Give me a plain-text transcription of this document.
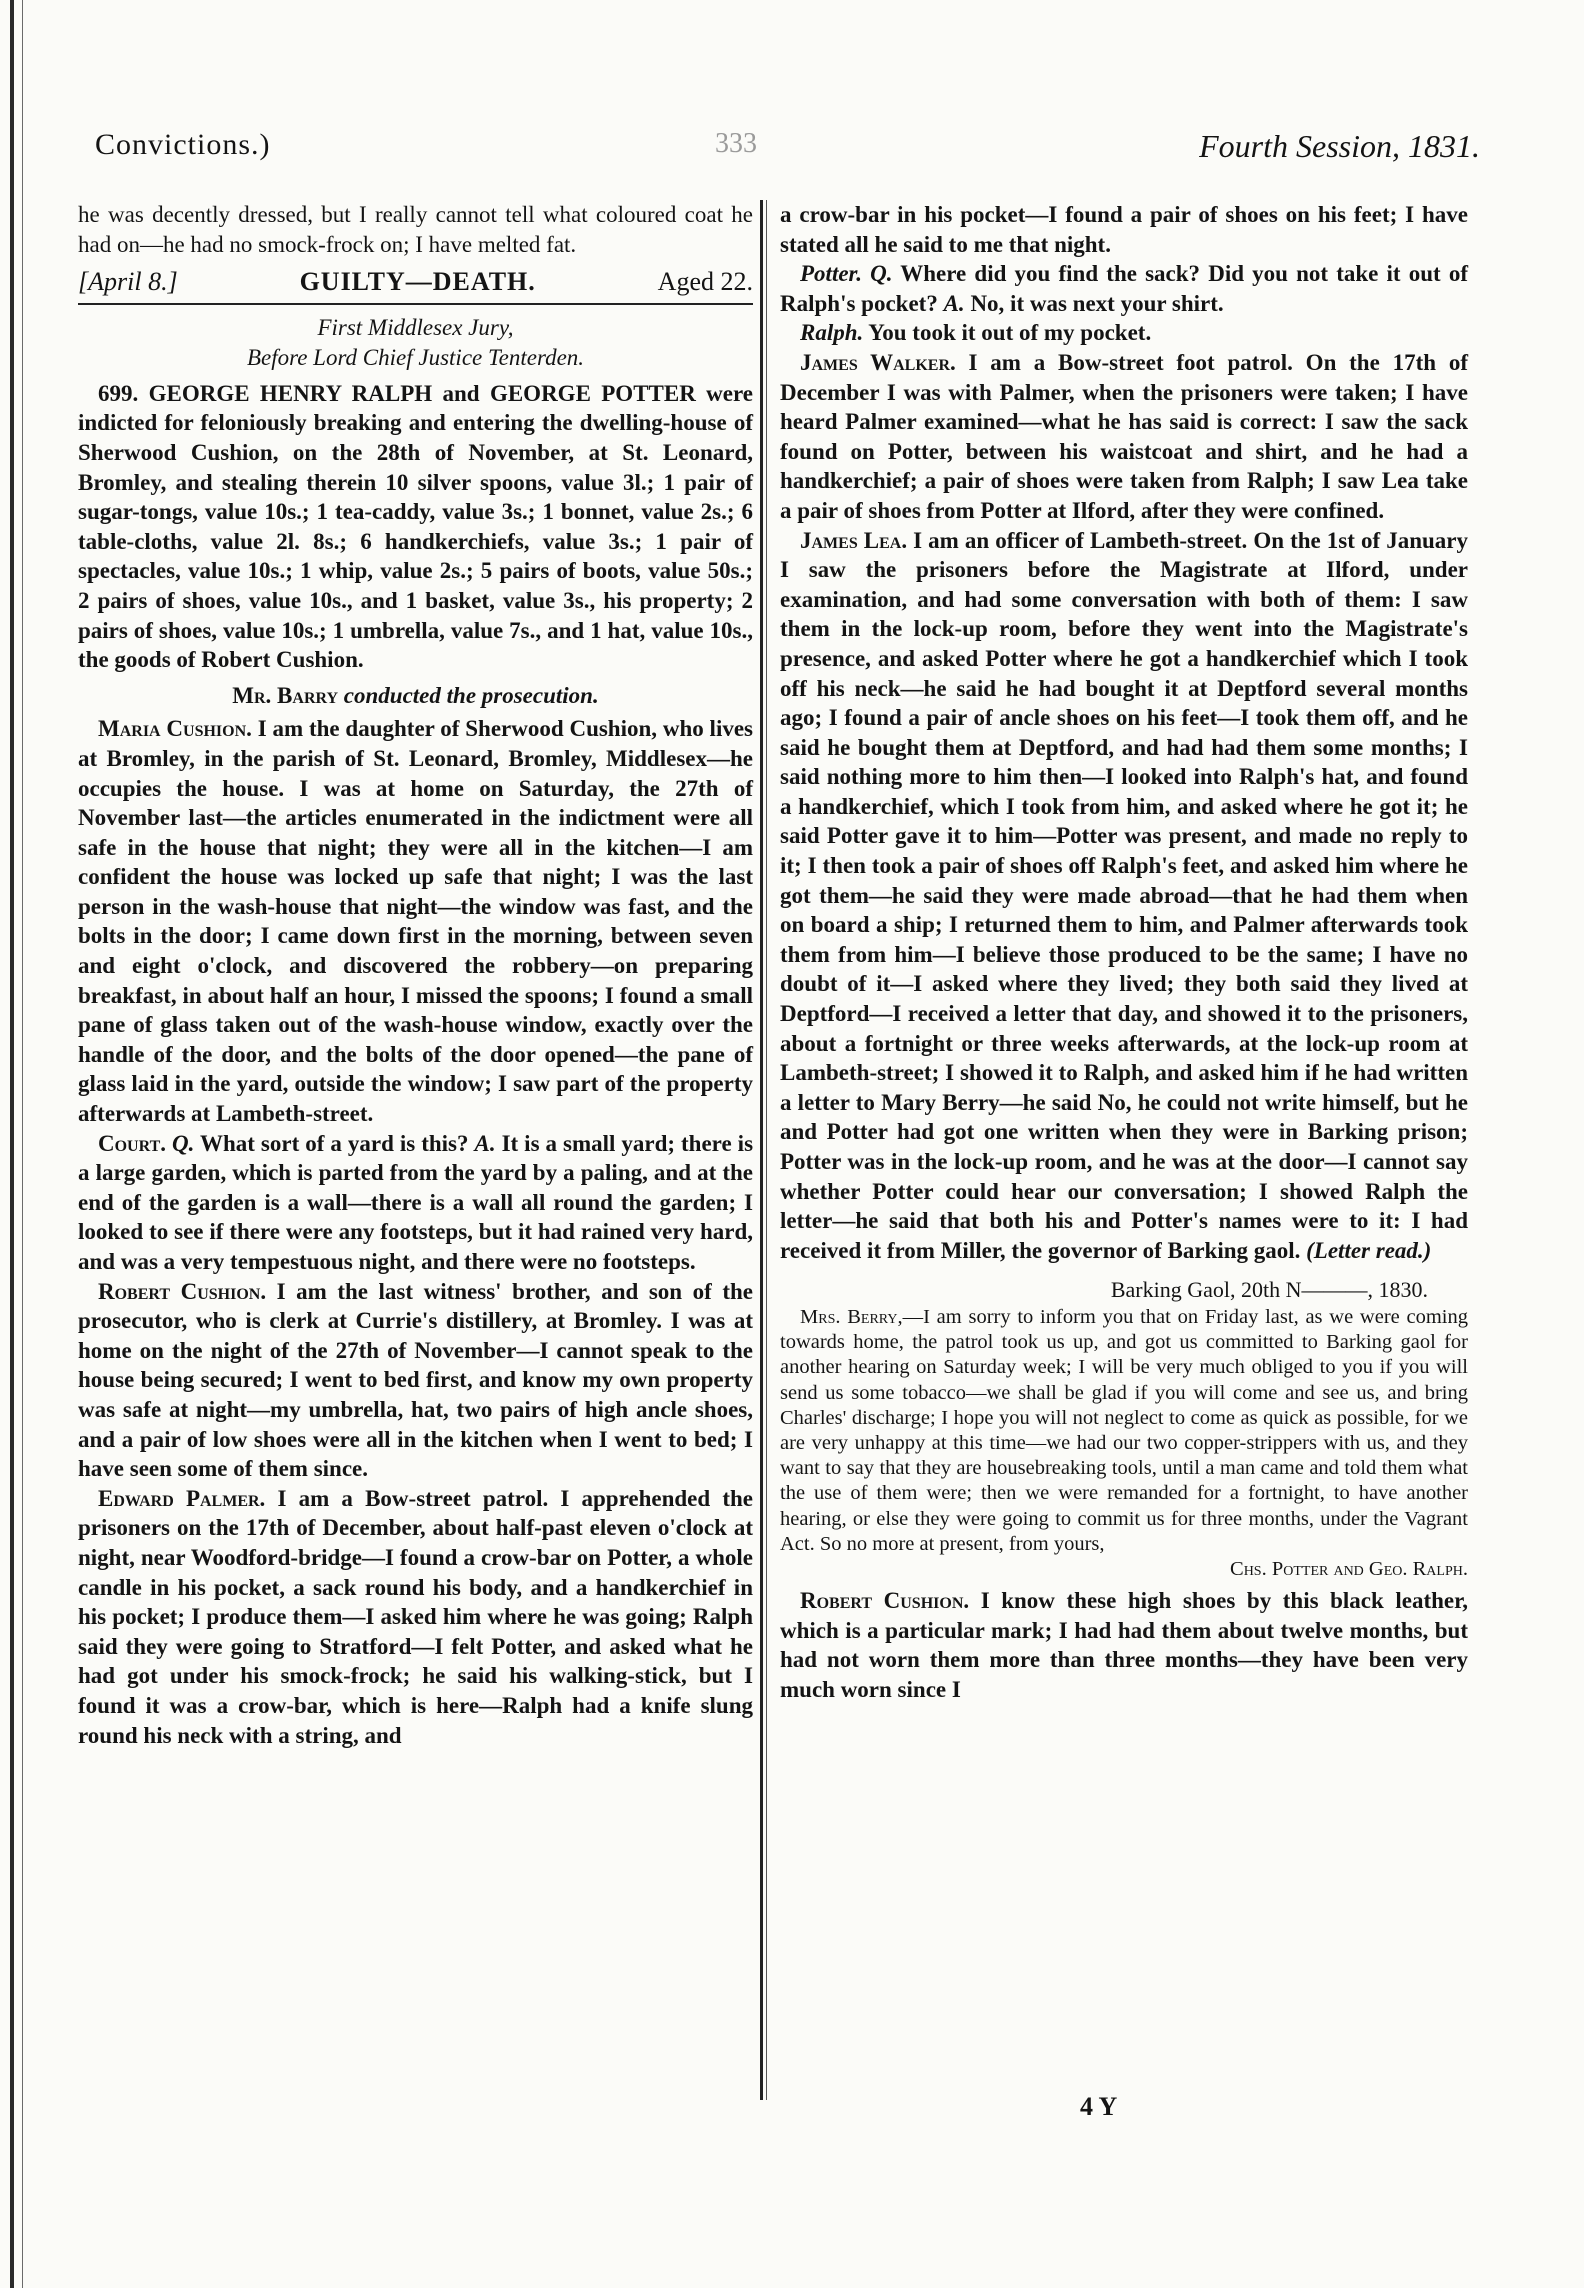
Convictions.)	333	Fourth Session, 1831.

he was decently dressed, but I really cannot tell what coloured coat he had on—he had no smock-frock on; I have melted fat.

[April 8.]	GUILTY—DEATH.	Aged 22.
First Middlesex Jury,
Before Lord Chief Justice Tenterden.

699. GEORGE HENRY RALPH and GEORGE POTTER were indicted for feloniously breaking and entering the dwelling-house of Sherwood Cushion, on the 28th of November, at St. Leonard, Bromley, and stealing therein 10 silver spoons, value 3l.; 1 pair of sugar-tongs, value 10s.; 1 tea-caddy, value 3s.; 1 bonnet, value 2s.; 6 table-cloths, value 2l. 8s.; 6 handkerchiefs, value 3s.; 1 pair of spectacles, value 10s.; 1 whip, value 2s.; 5 pairs of boots, value 50s.; 2 pairs of shoes, value 10s., and 1 basket, value 3s., his property; 2 pairs of shoes, value 10s.; 1 umbrella, value 7s., and 1 hat, value 10s., the goods of Robert Cushion.

Mr. Barry conducted the prosecution.

Maria Cushion. I am the daughter of Sherwood Cushion, who lives at Bromley, in the parish of St. Leonard, Bromley, Middlesex—he occupies the house. I was at home on Saturday, the 27th of November last—the articles enumerated in the indictment were all safe in the house that night; they were all in the kitchen—I am confident the house was locked up safe that night; I was the last person in the wash-house that night—the window was fast, and the bolts in the door; I came down first in the morning, between seven and eight o'clock, and discovered the robbery—on preparing breakfast, in about half an hour, I missed the spoons; I found a small pane of glass taken out of the wash-house window, exactly over the handle of the door, and the bolts of the door opened—the pane of glass laid in the yard, outside the window; I saw part of the property afterwards at Lambeth-street.

Court. Q. What sort of a yard is this? A. It is a small yard; there is a large garden, which is parted from the yard by a paling, and at the end of the garden is a wall—there is a wall all round the garden; I looked to see if there were any footsteps, but it had rained very hard, and was a very tempestuous night, and there were no footsteps.

Robert Cushion. I am the last witness' brother, and son of the prosecutor, who is clerk at Currie's distillery, at Bromley. I was at home on the night of the 27th of November—I cannot speak to the house being secured; I went to bed first, and know my own property was safe at night—my umbrella, hat, two pairs of high ancle shoes, and a pair of low shoes were all in the kitchen when I went to bed; I have seen some of them since.

Edward Palmer. I am a Bow-street patrol. I apprehended the prisoners on the 17th of December, about half-past eleven o'clock at night, near Woodford-bridge—I found a crow-bar on Potter, a whole candle in his pocket, a sack round his body, and a handkerchief in his pocket; I produce them—I asked him where he was going; Ralph said they were going to Stratford—I felt Potter, and asked what he had got under his smock-frock; he said his walking-stick, but I found it was a crow-bar, which is here—Ralph had a knife slung round his neck with a string, and

a crow-bar in his pocket—I found a pair of shoes on his feet; I have stated all he said to me that night.

Potter. Q. Where did you find the sack? Did you not take it out of Ralph's pocket? A. No, it was next your shirt.

Ralph. You took it out of my pocket.

James Walker. I am a Bow-street foot patrol. On the 17th of December I was with Palmer, when the prisoners were taken; I have heard Palmer examined—what he has said is correct: I saw the sack found on Potter, between his waistcoat and shirt, and he had a handkerchief; a pair of shoes were taken from Ralph; I saw Lea take a pair of shoes from Potter at Ilford, after they were confined.

James Lea. I am an officer of Lambeth-street. On the 1st of January I saw the prisoners before the Magistrate at Ilford, under examination, and had some conversation with both of them: I saw them in the lock-up room, before they went into the Magistrate's presence, and asked Potter where he got a handkerchief which I took off his neck—he said he had bought it at Deptford several months ago; I found a pair of ancle shoes on his feet—I took them off, and he said he bought them at Deptford, and had had them some months; I said nothing more to him then—I looked into Ralph's hat, and found a handkerchief, which I took from him, and asked where he got it; he said Potter gave it to him—Potter was present, and made no reply to it; I then took a pair of shoes off Ralph's feet, and asked him where he got them—he said they were made abroad—that he had them when on board a ship; I returned them to him, and Palmer afterwards took them from him—I believe those produced to be the same; I have no doubt of it—I asked where they lived; they both said they lived at Deptford—I received a letter that day, and showed it to the prisoners, about a fortnight or three weeks afterwards, at the lock-up room at Lambeth-street; I showed it to Ralph, and asked him if he had written a letter to Mary Berry—he said No, he could not write himself, but he and Potter had got one written when they were in Barking prison; Potter was in the lock-up room, and he was at the door—I cannot say whether Potter could hear our conversation; I showed Ralph the letter—he said that both his and Potter's names were to it: I had received it from Miller, the governor of Barking gaol. (Letter read.)

Barking Gaol, 20th N———, 1830.

Mrs. Berry,—I am sorry to inform you that on Friday last, as we were coming towards home, the patrol took us up, and got us committed to Barking gaol for another hearing on Saturday week; I will be very much obliged to you if you will send us some tobacco—we shall be glad if you will come and see us, and bring Charles' discharge; I hope you will not neglect to come as quick as possible, for we are very unhappy at this time—we had our two copper-strippers with us, and they want to say that they are housebreaking tools, until a man came and told them what the use of them were; then we were remanded for a fortnight, to have another hearing, or else they were going to commit us for three months, under the Vagrant Act. So no more at present, from yours,

Chs. Potter and Geo. Ralph.

Robert Cushion. I know these high shoes by this black leather, which is a particular mark; I had had them about twelve months, but had not worn them more than three months—they have been very much worn since I

4 Y
